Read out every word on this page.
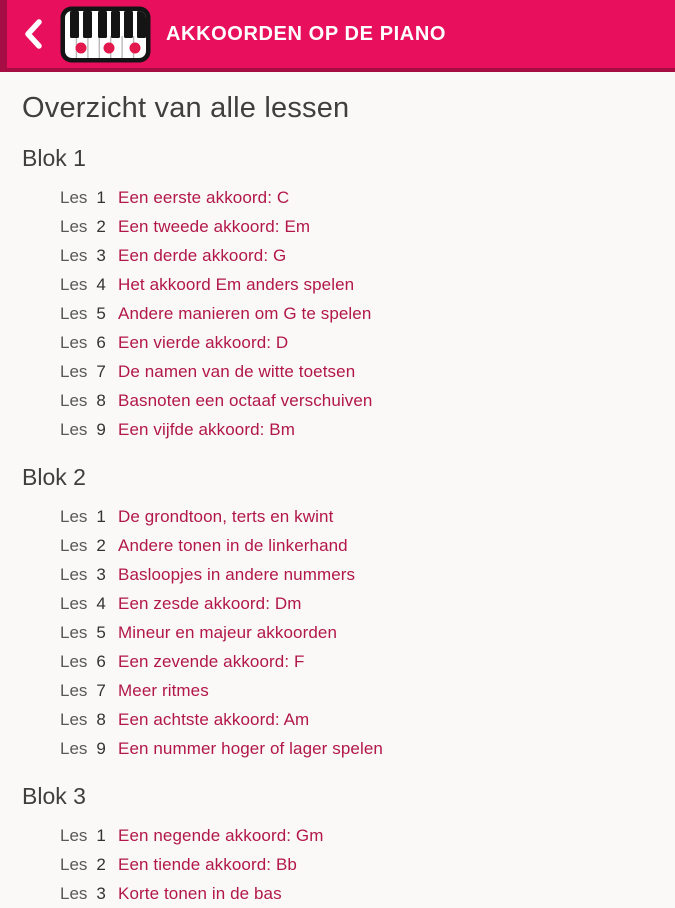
AKKOORDEN OP DE PIANO
Overzicht van alle lessen
Blok 1
Les 1 Een eerste akkoord: C
Les 2 Een tweede akkoord: Em
Les 3 Een derde akkoord: G
Les 4 Het akkoord Em anders spelen
Les 5 Andere manieren om G te spelen
Les 6 Een vierde akkoord: D
Les 7 De namen van de witte toetsen
Les 8 Basnoten een octaaf verschuiven
Les 9 Een vijfde akkoord: Bm
Blok 2
Les 1 De grondtoon, terts en kwint
Les 2 Andere tonen in de linkerhand
Les 3 Basloopjes in andere nummers
Les 4 Een zesde akkoord: Dm
Les 5 Mineur en majeur akkoorden
Les 6 Een zevende akkoord: F
Les 7 Meer ritmes
Les 8 Een achtste akkoord: Am
Les 9 Een nummer hoger of lager spelen
Blok 3
Les 1 Een negende akkoord: Gm
Les 2 Een tiende akkoord: Bb
Les 3 Korte tonen in de bas
